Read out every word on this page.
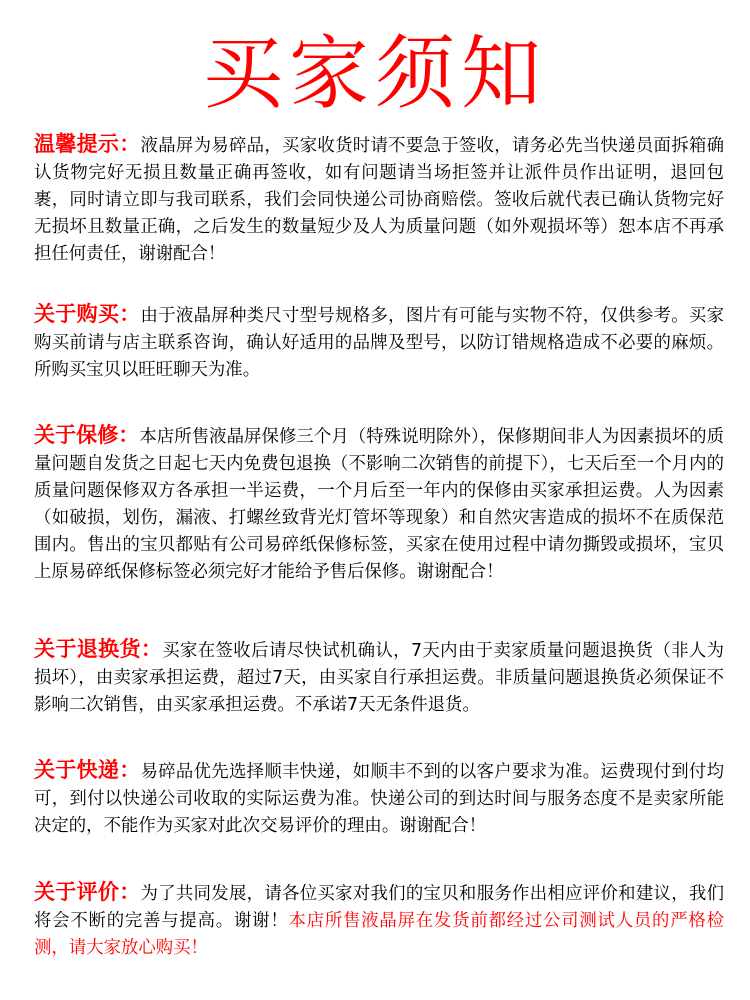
买家须知
温馨提示：液晶屏为易碎品，买家收货时请不要急于签收，请务必先当快递员面拆箱确认货物完好无损且数量正确再签收，如有问题请当场拒签并让派件员作出证明，退回包裹，同时请立即与我司联系，我们会同快递公司协商赔偿。签收后就代表已确认货物完好无损坏且数量正确，之后发生的数量短少及人为质量问题（如外观损坏等）恕本店不再承担任何责任，谢谢配合！
关于购买：由于液晶屏种类尺寸型号规格多，图片有可能与实物不符，仅供参考。买家购买前请与店主联系咨询，确认好适用的品牌及型号，以防订错规格造成不必要的麻烦。所购买宝贝以旺旺聊天为准。
关于保修：本店所售液晶屏保修三个月（特殊说明除外），保修期间非人为因素损坏的质量问题自发货之日起七天内免费包退换（不影响二次销售的前提下），七天后至一个月内的质量问题保修双方各承担一半运费，一个月后至一年内的保修由买家承担运费。人为因素（如破损，划伤，漏液、打螺丝致背光灯管坏等现象）和自然灾害造成的损坏不在质保范围内。售出的宝贝都贴有公司易碎纸保修标签，买家在使用过程中请勿撕毁或损坏，宝贝上原易碎纸保修标签必须完好才能给予售后保修。谢谢配合！
关于退换货：买家在签收后请尽快试机确认，7天内由于卖家质量问题退换货（非人为损坏），由卖家承担运费，超过7天，由买家自行承担运费。非质量问题退换货必须保证不影响二次销售，由买家承担运费。不承诺7天无条件退货。
关于快递：易碎品优先选择顺丰快递，如顺丰不到的以客户要求为准。运费现付到付均可，到付以快递公司收取的实际运费为准。快递公司的到达时间与服务态度不是卖家所能决定的，不能作为买家对此次交易评价的理由。谢谢配合！
关于评价：为了共同发展，请各位买家对我们的宝贝和服务作出相应评价和建议，我们将会不断的完善与提高。谢谢！本店所售液晶屏在发货前都经过公司测试人员的严格检测，请大家放心购买！
